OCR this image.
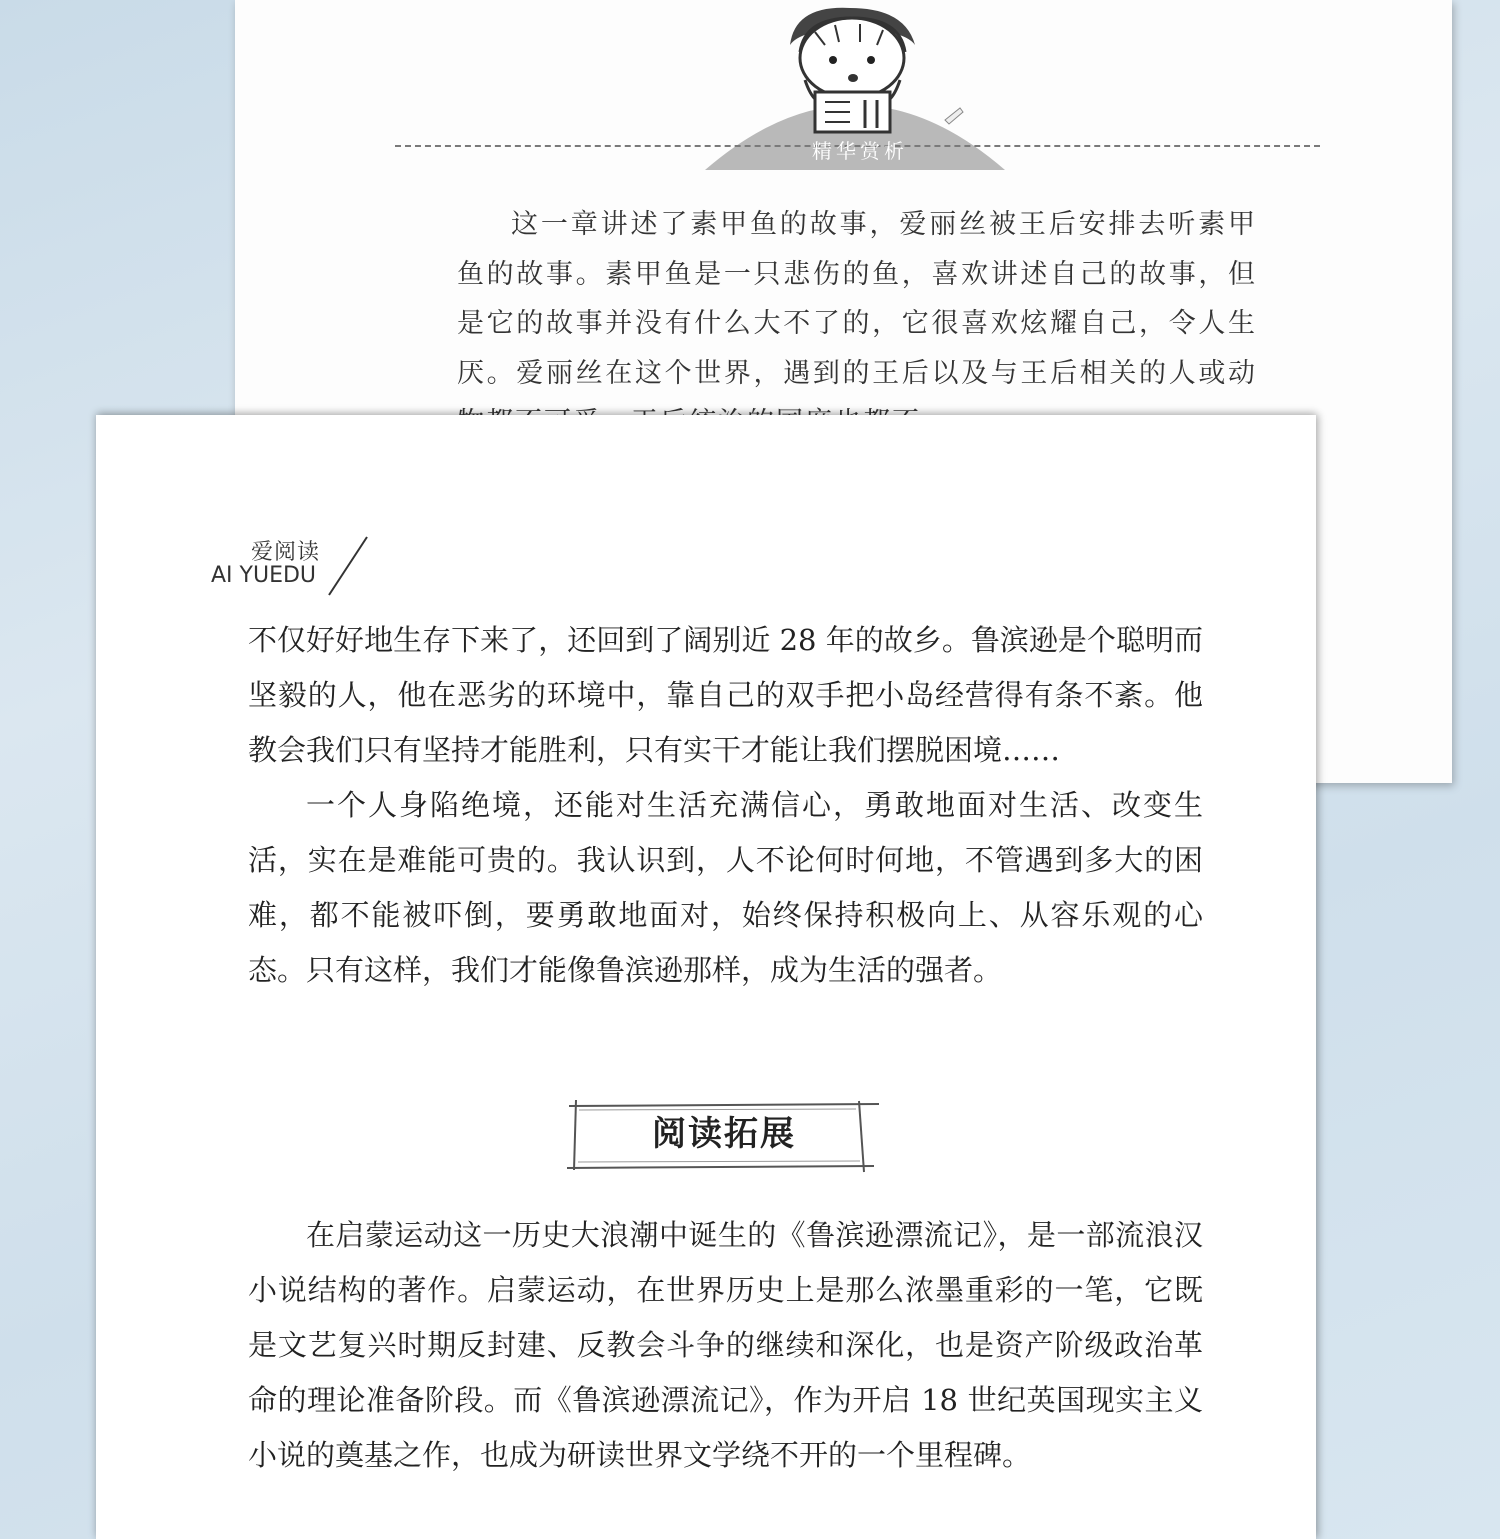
精华赏析

这一章讲述了素甲鱼的故事，爱丽丝被王后安排去听素甲鱼的故事。素甲鱼是一只悲伤的鱼，喜欢讲述自己的故事，但是它的故事并没有什么大不了的，它很喜欢炫耀自己，令人生厌。爱丽丝在这个世界，遇到的王后以及与王后相关的人或动

爱阅读
AI YUEDU

不仅好好地生存下来了，还回到了阔别近 28 年的故乡。鲁滨逊是个聪明而坚毅的人，他在恶劣的环境中，靠自己的双手把小岛经营得有条不紊。他教会我们只有坚持才能胜利，只有实干才能让我们摆脱困境……

一个人身陷绝境，还能对生活充满信心，勇敢地面对生活、改变生活，实在是难能可贵的。我认识到，人不论何时何地，不管遇到多大的困难，都不能被吓倒，要勇敢地面对，始终保持积极向上、从容乐观的心态。只有这样，我们才能像鲁滨逊那样，成为生活的强者。

阅读拓展

在启蒙运动这一历史大浪潮中诞生的《鲁滨逊漂流记》，是一部流浪汉小说结构的著作。启蒙运动，在世界历史上是那么浓墨重彩的一笔，它既是文艺复兴时期反封建、反教会斗争的继续和深化，也是资产阶级政治革命的理论准备阶段。而《鲁滨逊漂流记》，作为开启 18 世纪英国现实主义小说的奠基之作，也成为研读世界文学绕不开的一个里程碑。
